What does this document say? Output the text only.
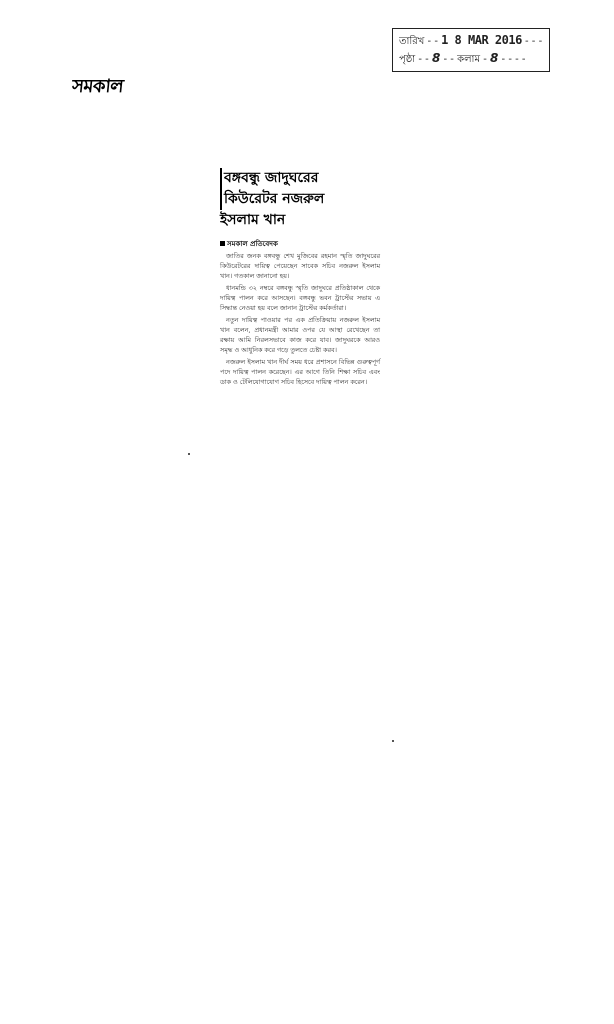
তারিখ - - 1 8 MAR 2016 - - -
পৃষ্ঠা - - 8 - - কলাম - 8 - - - -
সমকাল
বঙ্গবন্ধু জাদুঘরের
কিউরেটর নজরুল
ইসলাম খান
সমকাল প্রতিবেদক

জাতির জনক বঙ্গবন্ধু শেখ মুজিবের রহমান স্মৃতি জাদুঘরের কিউরেটরের দায়িত্ব পেয়েছেন সাবেক সচিব নজরুল ইসলাম খান। গতকাল জানানো হয়।

ধানমন্ডি ৩২ নম্বরে বঙ্গবন্ধু স্মৃতি জাদুঘরে প্রতিষ্ঠাকাল থেকে দায়িত্ব পালন করে আসছেন। বঙ্গবন্ধু ভবন ট্রাস্টের সভায় এ সিদ্ধান্ত নেওয়া হয় বলে জানান ট্রাস্টের কর্মকর্তারা।

নতুন দায়িত্ব পাওয়ার পর এক প্রতিক্রিয়ায় নজরুল ইসলাম খান বলেন, প্রধানমন্ত্রী আমার ওপর যে আস্থা রেখেছেন তা রক্ষায় আমি নিরলসভাবে কাজ করে যাব। জাদুঘরকে আরও সমৃদ্ধ ও আধুনিক করে গড়ে তুলতে চেষ্টা করব।

নজরুল ইসলাম খান দীর্ঘ সময় ধরে প্রশাসনে বিভিন্ন গুরুত্বপূর্ণ পদে দায়িত্ব পালন করেছেন। এর আগে তিনি শিক্ষা সচিব এবং ডাক ও টেলিযোগাযোগ সচিব হিসেবে দায়িত্ব পালন করেন।
